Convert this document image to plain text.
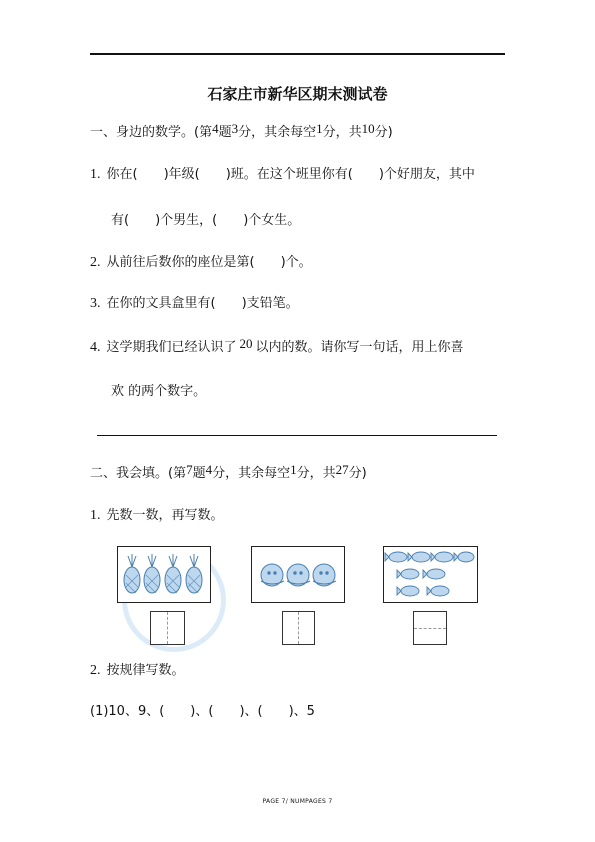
石家庄市新华区期末测试卷
一、身边的数学。(第4题3分，其余每空1分，共10分)
1. 你在(　　)年级(　　)班。在这个班里你有(　　)个好朋友，其中
有(　　)个男生，(　　)个女生。
2. 从前往后数你的座位是第(　　)个。
3. 在你的文具盒里有(　　)支铅笔。
4. 这学期我们已经认识了 20 以内的数。请你写一句话，用上你喜
欢 的两个数字。
二、我会填。(第7题4分，其余每空1分，共27分)
1. 先数一数，再写数。
2. 按规律写数。
(1)10、9、(　　)、(　　)、(　　)、5
PAGE 7/ NUMPAGES 7
